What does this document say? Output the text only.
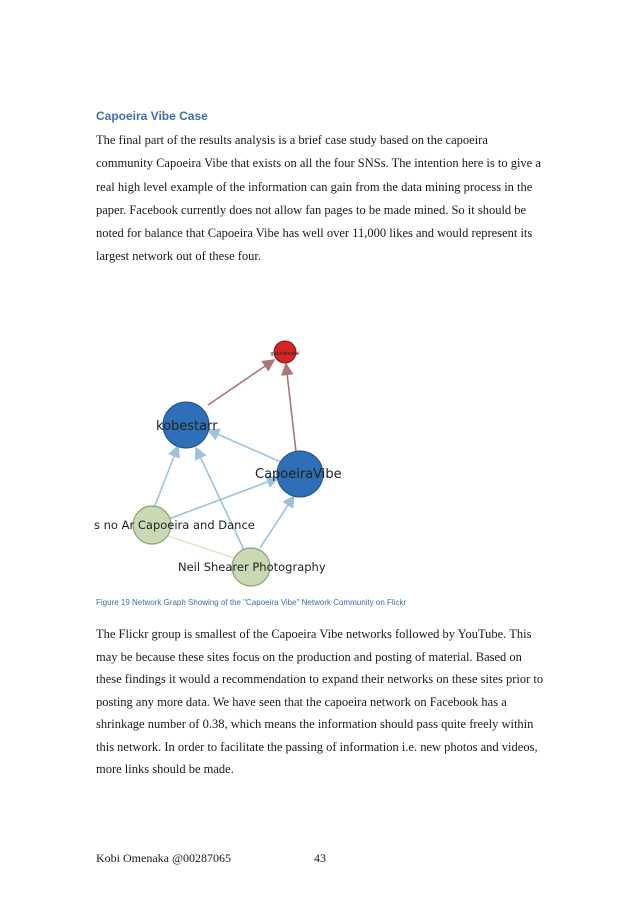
Capoeira Vibe Case

The final part of the results analysis is a brief case study based on the capoeira community Capoeira Vibe that exists on all the four SNSs. The intention here is to give a real high level example of the information can gain from the data mining process in the paper. Facebook currently does not allow fan pages to be made mined. So it should be noted for balance that Capoeira Vibe has well over 11,000 likes and would represent its largest network out of these four.

gabrielvidal
kobestarr
CapoeiraVibe
s no Ar Capoeira and Dance
Neil Shearer Photography

Figure 19 Network Graph Showing of the "Capoeira Vibe" Network Community on Flickr

The Flickr group is smallest of the Capoeira Vibe networks followed by YouTube. This may be because these sites focus on the production and posting of material. Based on these findings it would a recommendation to expand their networks on these sites prior to posting any more data. We have seen that the capoeira network on Facebook has a shrinkage number of 0.38, which means the information should pass quite freely within this network. In order to facilitate the passing of information i.e. new photos and videos, more links should be made.

Kobi Omenaka @00287065	43
